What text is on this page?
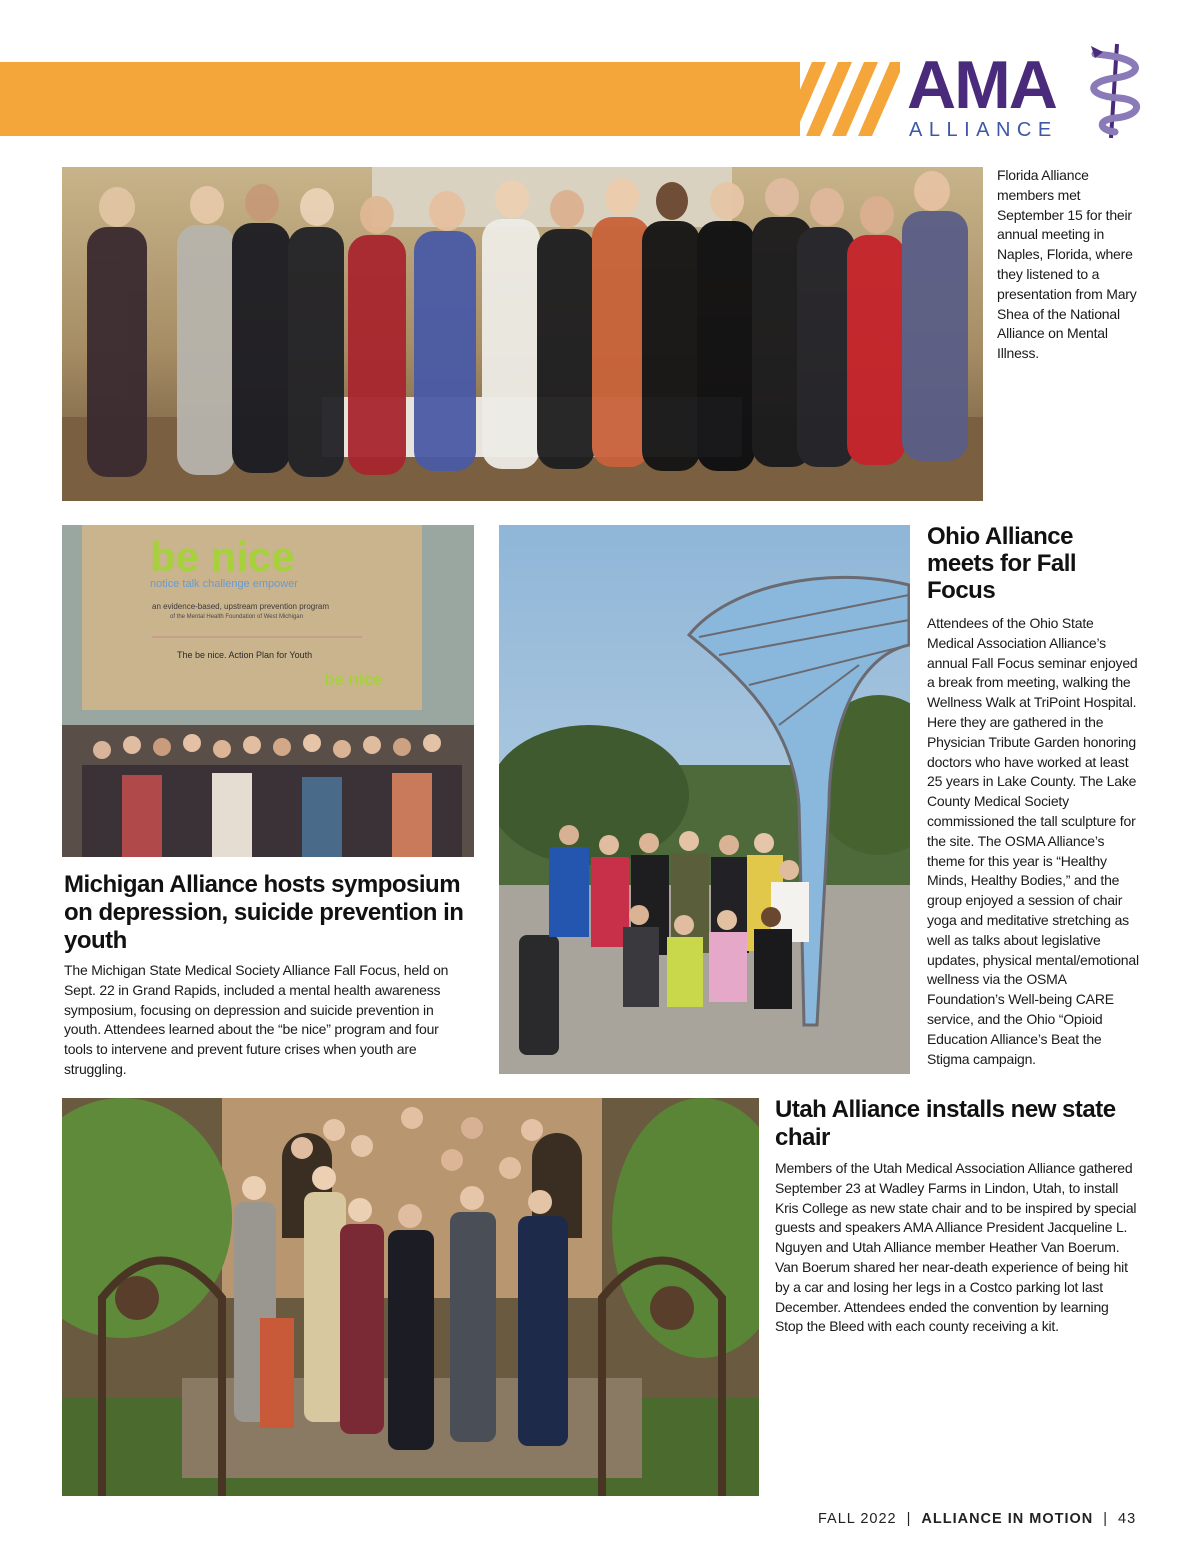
AMA
ALLIANCE
Florida Alliance members met September 15 for their annual meeting in Naples, Florida, where they listened to a presentation from Mary Shea of the National Alliance on Mental Illness.
be nice
notice talk challenge empower
an evidence-based, upstream prevention program
of the Mental Health Foundation of West Michigan
The be nice. Action Plan for Youth
be nice
Michigan Alliance hosts symposium on depression, suicide prevention in youth
The Michigan State Medical Society Alliance Fall Focus, held on Sept. 22 in Grand Rapids, included a mental health awareness symposium, focusing on depression and suicide prevention in youth. Attendees learned about the “be nice” program and four tools to intervene and prevent future crises when youth are struggling.
Ohio Alliance meets for Fall Focus
Attendees of the Ohio State Medical Association Alliance’s annual Fall Focus seminar enjoyed a break from meeting, walking the Wellness Walk at TriPoint Hospital. Here they are gathered in the Physician Tribute Garden honoring doctors who have worked at least 25 years in Lake County. The Lake County Medical Society commissioned the tall sculpture for the site. The OSMA Alliance’s theme for this year is “Healthy Minds, Healthy Bodies,” and the group enjoyed a session of chair yoga and meditative stretching as well as talks about legislative updates, physical mental/emotional wellness via the OSMA Foundation’s Well-being CARE service, and the Ohio “Opioid Education Alliance’s Beat the Stigma campaign.
Utah Alliance installs new state chair
Members of the Utah Medical Association Alliance gathered September 23 at Wadley Farms in Lindon, Utah, to install Kris College as new state chair and to be inspired by special guests and speakers AMA Alliance President Jacqueline L. Nguyen and Utah Alliance member Heather Van Boerum. Van Boerum shared her near-death experience of being hit by a car and losing her legs in a Costco parking lot last December. Attendees ended the convention by learning Stop the Bleed with each county receiving a kit.
FALL 2022 | ALLIANCE IN MOTION | 43
